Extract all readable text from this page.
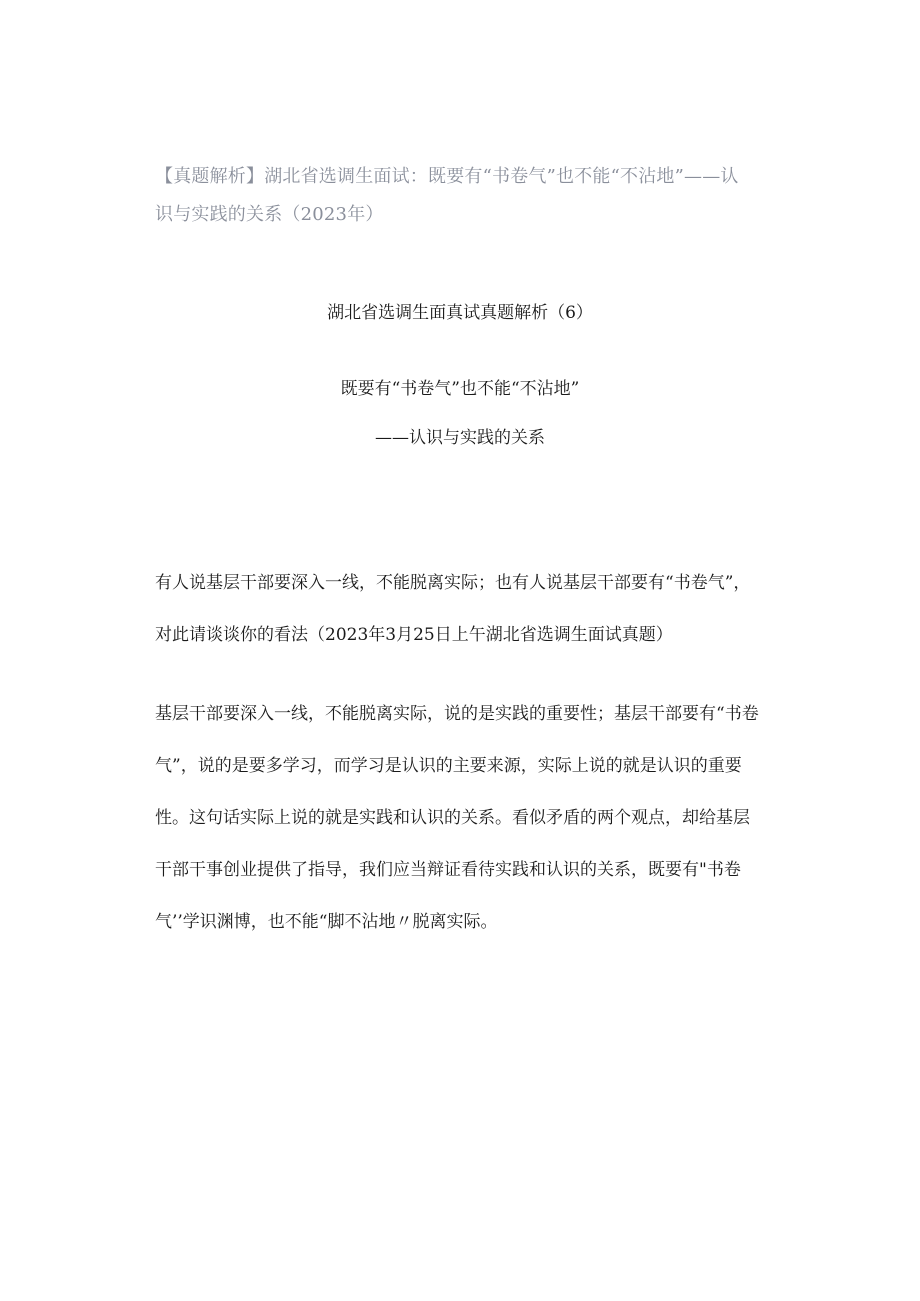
【真题解析】湖北省选调生面试：既要有“书卷气”也不能“不沾地”——认识与实践的关系（2023年）
湖北省选调生面真试真题解析（6）
既要有“书卷气”也不能“不沾地”
——认识与实践的关系
有人说基层干部要深入一线，不能脱离实际；也有人说基层干部要有“书卷气”，对此请谈谈你的看法（2023年3月25日上午湖北省选调生面试真题）
基层干部要深入一线，不能脱离实际，说的是实践的重要性；基层干部要有“书卷气”，说的是要多学习，而学习是认识的主要来源，实际上说的就是认识的重要性。这句话实际上说的就是实践和认识的关系。看似矛盾的两个观点，却给基层干部干事创业提供了指导，我们应当辩证看待实践和认识的关系，既要有"书卷气’’学识渊博，也不能“脚不沾地〃脱离实际。
